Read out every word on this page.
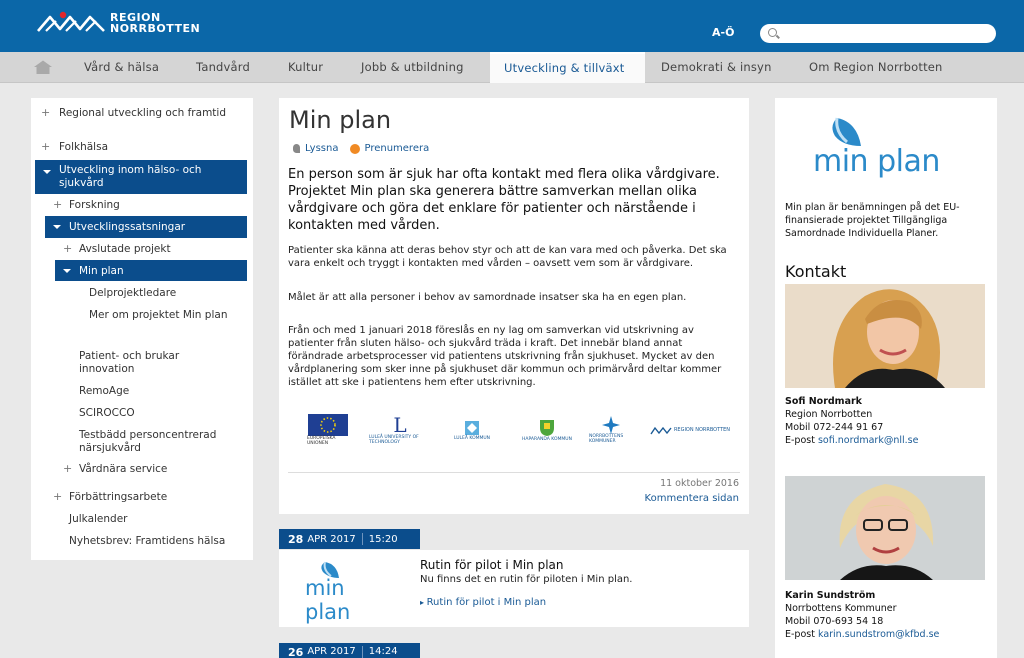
REGION
NORRBOTTEN	A-Ö
Vård & hälsa	Tandvård	Kultur	Jobb & utbildning	Utveckling & tillväxt	Demokrati & insyn	Om Region Norrbotten
+ Regional utveckling och framtid
+ Folkhälsa
Utveckling inom hälso- och sjukvård
+ Forskning
Utvecklingssatsningar
+ Avslutade projekt
Min plan
Delprojektledare
Mer om projektet Min plan
Patient- och brukar innovation
RemoAge
SCIROCCO
Testbädd personcentrerad närsjukvård
+ Vårdnära service
+ Förbättringsarbete
Julkalender
Nyhetsbrev: Framtidens hälsa
Min plan
Lyssna	Prenumerera

En person som är sjuk har ofta kontakt med flera olika vårdgivare. Projektet Min plan ska generera bättre samverkan mellan olika vårdgivare och göra det enklare för patienter och närstående i kontakten med vården.

Patienter ska känna att deras behov styr och att de kan vara med och påverka. Det ska vara enkelt och tryggt i kontakten med vården – oavsett vem som är vårdgivare.

Målet är att alla personer i behov av samordnade insatser ska ha en egen plan.

Från och med 1 januari 2018 föreslås en ny lag om samverkan vid utskrivning av patienter från sluten hälso- och sjukvård träda i kraft. Det innebär bland annat förändrade arbetsprocesser vid patientens utskrivning från sjukhuset. Mycket av den vårdplanering som sker inne på sjukhuset där kommun och primärvård deltar kommer istället att ske i patientens hem efter utskrivning.

EUROPEISKA UNIONEN
L
LULEÅ UNIVERSITY OF TECHNOLOGY
LULEÅ KOMMUN	HAPARANDA KOMMUN	NORRBOTTENS KOMMUNER
REGION NORRBOTTEN
11 oktober 2016
Kommentera sidan
28 APR 2017 15:20
min plan
Rutin för pilot i Min plan
Nu finns det en rutin för piloten i Min plan.
▸ Rutin för pilot i Min plan
26 APR 2017 14:24
min plan

Min plan är benämningen på det EU-finansierade projektet Tillgängliga Samordnade Individuella Planer.

Kontakt
Sofi Nordmark
Region Norrbotten
Mobil 072-244 91 67
E-post sofi.nordmark@nll.se
Karin Sundström
Norrbottens Kommuner
Mobil 070-693 54 18
E-post karin.sundstrom@kfbd.se
